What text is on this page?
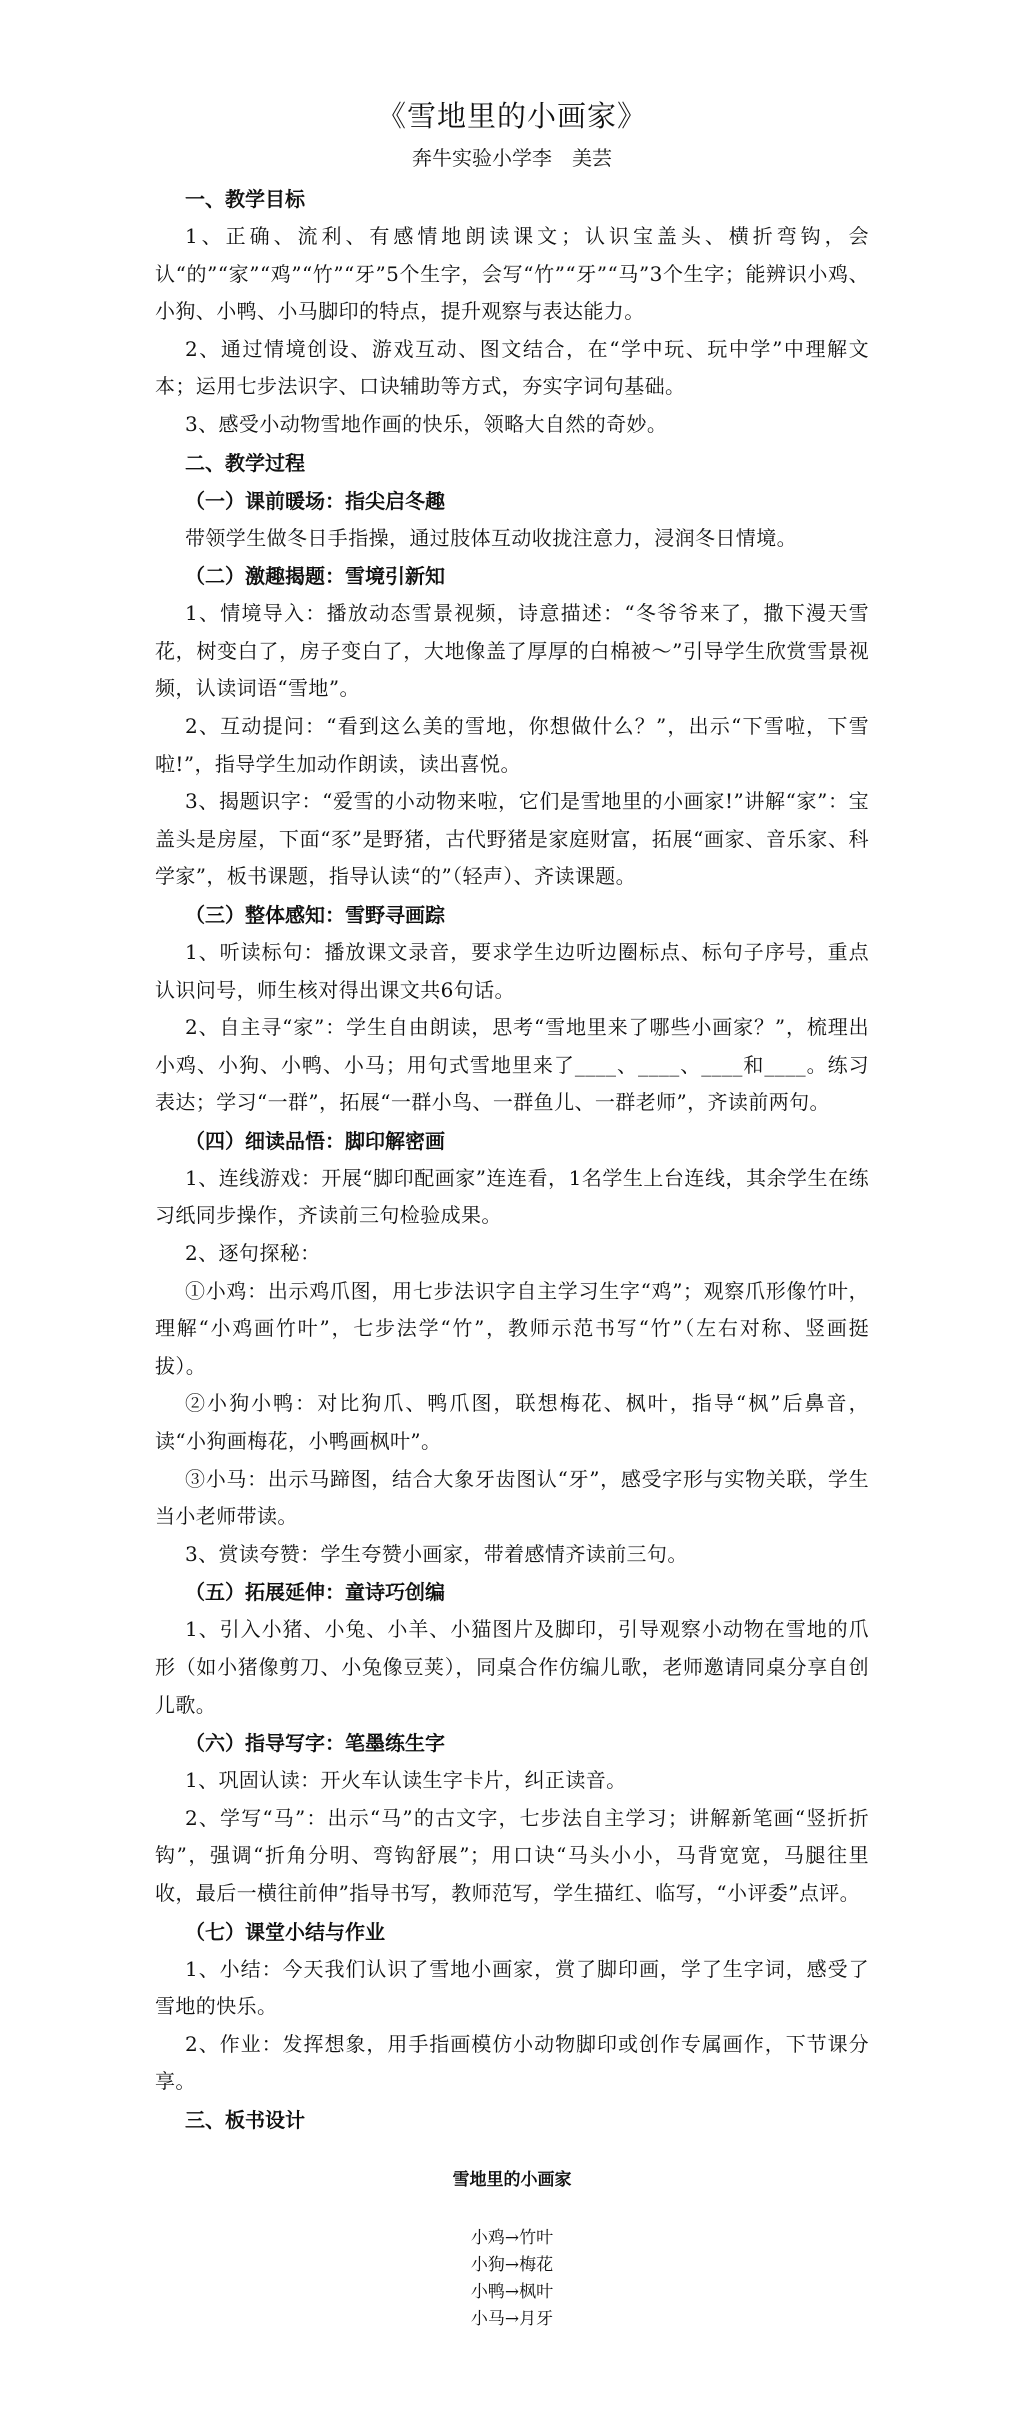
《雪地里的小画家》
奔牛实验小学李　美芸
一、教学目标

1、正确、流利、有感情地朗读课文；认识宝盖头、横折弯钩，会认“的”“家”“鸡”“竹”“牙”5个生字，会写“竹”“牙”“马”3个生字；能辨识小鸡、小狗、小鸭、小马脚印的特点，提升观察与表达能力。

2、通过情境创设、游戏互动、图文结合，在“学中玩、玩中学”中理解文本；运用七步法识字、口诀辅助等方式，夯实字词句基础。

3、感受小动物雪地作画的快乐，领略大自然的奇妙。

二、教学过程
（一）课前暖场：指尖启冬趣

带领学生做冬日手指操，通过肢体互动收拢注意力，浸润冬日情境。

（二）激趣揭题：雪境引新知

1、情境导入：播放动态雪景视频，诗意描述：“冬爷爷来了，撒下漫天雪花，树变白了，房子变白了，大地像盖了厚厚的白棉被～”引导学生欣赏雪景视频，认读词语“雪地”。

2、互动提问：“看到这么美的雪地，你想做什么？”，出示“下雪啦，下雪啦!”，指导学生加动作朗读，读出喜悦。

3、揭题识字：“爱雪的小动物来啦，它们是雪地里的小画家!”讲解“家”：宝盖头是房屋，下面“豕”是野猪，古代野猪是家庭财富，拓展“画家、音乐家、科学家”，板书课题，指导认读“的”（轻声）、齐读课题。

（三）整体感知：雪野寻画踪

1、听读标句：播放课文录音，要求学生边听边圈标点、标句子序号，重点认识问号，师生核对得出课文共6句话。

2、自主寻“家”：学生自由朗读，思考“雪地里来了哪些小画家？”，梳理出小鸡、小狗、小鸭、小马；用句式雪地里来了____、____、____和____。练习表达；学习“一群”，拓展“一群小鸟、一群鱼儿、一群老师”，齐读前两句。

（四）细读品悟：脚印解密画

1、连线游戏：开展“脚印配画家”连连看，1名学生上台连线，其余学生在练习纸同步操作，齐读前三句检验成果。

2、逐句探秘：

①小鸡：出示鸡爪图，用七步法识字自主学习生字“鸡”；观察爪形像竹叶，理解“小鸡画竹叶”，七步法学“竹”，教师示范书写“竹”（左右对称、竖画挺拔）。

②小狗小鸭：对比狗爪、鸭爪图，联想梅花、枫叶，指导“枫”后鼻音，读“小狗画梅花，小鸭画枫叶”。

③小马：出示马蹄图，结合大象牙齿图认“牙”，感受字形与实物关联，学生当小老师带读。

3、赏读夸赞：学生夸赞小画家，带着感情齐读前三句。

（五）拓展延伸：童诗巧创编

1、引入小猪、小兔、小羊、小猫图片及脚印，引导观察小动物在雪地的爪形（如小猪像剪刀、小兔像豆荚），同桌合作仿编儿歌，老师邀请同桌分享自创儿歌。

（六）指导写字：笔墨练生字

1、巩固认读：开火车认读生字卡片，纠正读音。

2、学写“马”：出示“马”的古文字，七步法自主学习；讲解新笔画“竖折折钩”，强调“折角分明、弯钩舒展”；用口诀“马头小小，马背宽宽，马腿往里收，最后一横往前伸”指导书写，教师范写，学生描红、临写，“小评委”点评。

（七）课堂小结与作业

1、小结：今天我们认识了雪地小画家，赏了脚印画，学了生字词，感受了雪地的快乐。

2、作业：发挥想象，用手指画模仿小动物脚印或创作专属画作，下节课分享。

三、板书设计
雪地里的小画家
小鸡→竹叶
小狗→梅花
小鸭→枫叶
小马→月牙
